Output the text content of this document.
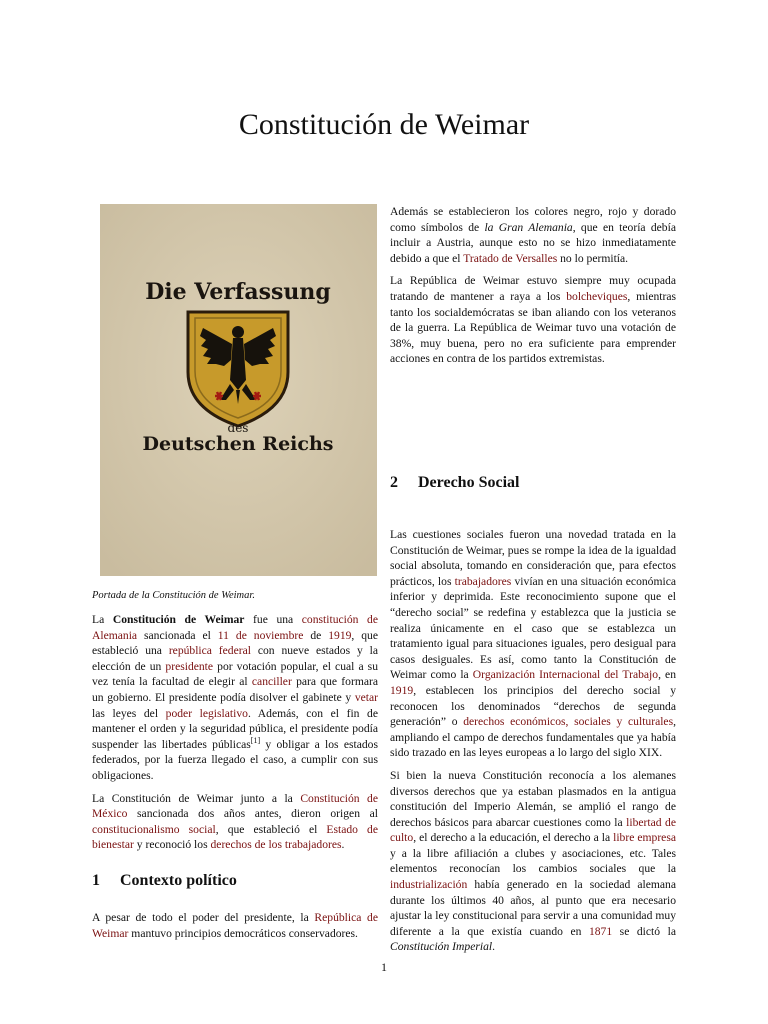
Constitución de Weimar
Die Verfassung
des
Deutschen Reichs
Portada de la Constitución de Weimar.

La Constitución de Weimar fue una constitución de Alemania sancionada el 11 de noviembre de 1919, que estableció una república federal con nueve estados y la elección de un presidente por votación popular, el cual a su vez tenía la facultad de elegir al canciller para que formara un gobierno. El presidente podía disolver el gabinete y vetar las leyes del poder legislativo. Además, con el fin de mantener el orden y la seguridad pública, el presidente podía suspender las libertades públicas[1] y obligar a los estados federados, por la fuerza llegado el caso, a cumplir con sus obligaciones.

La Constitución de Weimar junto a la Constitución de México sancionada dos años antes, dieron origen al constitucionalismo social, que estableció el Estado de bienestar y reconoció los derechos de los trabajadores.

1 Contexto político

A pesar de todo el poder del presidente, la República de Weimar mantuvo principios democráticos conservadores.

Además se establecieron los colores negro, rojo y dorado como símbolos de la Gran Alemania, que en teoría debía incluir a Austria, aunque esto no se hizo inmediatamente debido a que el Tratado de Versalles no lo permitía.

La República de Weimar estuvo siempre muy ocupada tratando de mantener a raya a los bolcheviques, mientras tanto los socialdemócratas se iban aliando con los veteranos de la guerra. La República de Weimar tuvo una votación de 38%, muy buena, pero no era suficiente para emprender acciones en contra de los partidos extremistas.

2 Derecho Social

Las cuestiones sociales fueron una novedad tratada en la Constitución de Weimar, pues se rompe la idea de la igualdad social absoluta, tomando en consideración que, para efectos prácticos, los trabajadores vivían en una situación económica inferior y deprimida. Este reconocimiento supone que el “derecho social” se redefina y establezca que la justicia se realiza únicamente en el caso que se establezca un tratamiento igual para situaciones iguales, pero desigual para casos desiguales. Es así, como tanto la Constitución de Weimar como la Organización Internacional del Trabajo, en 1919, establecen los principios del derecho social y reconocen los denominados “derechos de segunda generación” o derechos económicos, sociales y culturales, ampliando el campo de derechos fundamentales que ya había sido trazado en las leyes europeas a lo largo del siglo XIX.

Si bien la nueva Constitución reconocía a los alemanes diversos derechos que ya estaban plasmados en la antigua constitución del Imperio Alemán, se amplió el rango de derechos básicos para abarcar cuestiones como la libertad de culto, el derecho a la educación, el derecho a la libre empresa y a la libre afiliación a clubes y asociaciones, etc. Tales elementos reconocían los cambios sociales que la industrialización había generado en la sociedad alemana durante los últimos 40 años, al punto que era necesario ajustar la ley constitucional para servir a una comunidad muy diferente a la que existía cuando en 1871 se dictó la Constitución Imperial.

1
